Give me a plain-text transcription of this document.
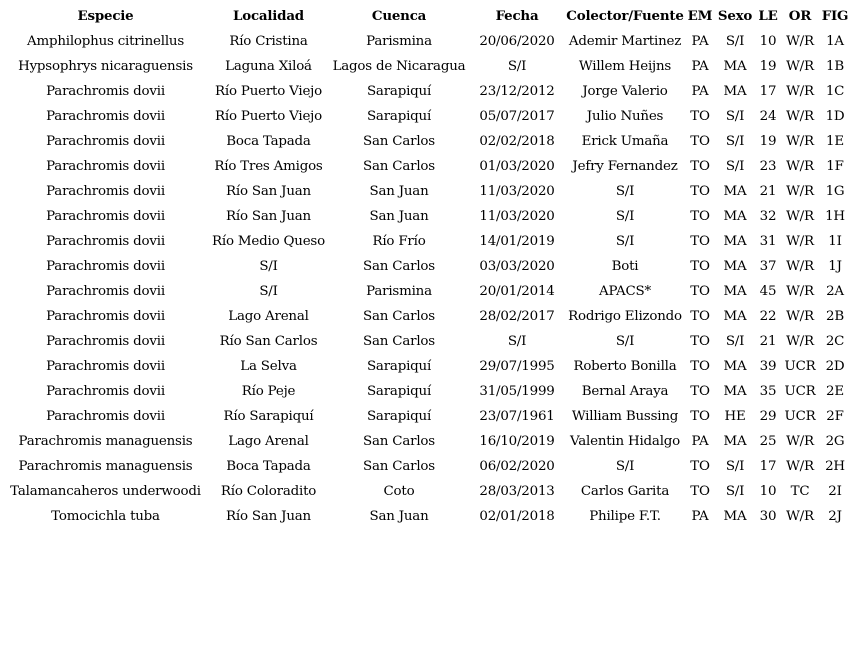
Especie	Localidad	Cuenca	Fecha	Colector/Fuente	EM	Sexo	LE	OR	FIG
Amphilophus citrinellus	Río Cristina	Parismina	20/06/2020	Ademir Martinez	PA	S/I	10	W/R	1A
Hypsophrys nicaraguensis	Laguna Xiloá	Lagos de Nicaragua	S/I	Willem Heijns	PA	MA	19	W/R	1B
Parachromis dovii	Río Puerto Viejo	Sarapiquí	23/12/2012	Jorge Valerio	PA	MA	17	W/R	1C
Parachromis dovii	Río Puerto Viejo	Sarapiquí	05/07/2017	Julio Nuñes	TO	S/I	24	W/R	1D
Parachromis dovii	Boca Tapada	San Carlos	02/02/2018	Erick Umaña	TO	S/I	19	W/R	1E
Parachromis dovii	Río Tres Amigos	San Carlos	01/03/2020	Jefry Fernandez	TO	S/I	23	W/R	1F
Parachromis dovii	Río San Juan	San Juan	11/03/2020	S/I	TO	MA	21	W/R	1G
Parachromis dovii	Río San Juan	San Juan	11/03/2020	S/I	TO	MA	32	W/R	1H
Parachromis dovii	Río Medio Queso	Río Frío	14/01/2019	S/I	TO	MA	31	W/R	1I
Parachromis dovii	S/I	San Carlos	03/03/2020	Boti	TO	MA	37	W/R	1J
Parachromis dovii	S/I	Parismina	20/01/2014	APACS*	TO	MA	45	W/R	2A
Parachromis dovii	Lago Arenal	San Carlos	28/02/2017	Rodrigo Elizondo	TO	MA	22	W/R	2B
Parachromis dovii	Río San Carlos	San Carlos	S/I	S/I	TO	S/I	21	W/R	2C
Parachromis dovii	La Selva	Sarapiquí	29/07/1995	Roberto Bonilla	TO	MA	39	UCR	2D
Parachromis dovii	Río Peje	Sarapiquí	31/05/1999	Bernal Araya	TO	MA	35	UCR	2E
Parachromis dovii	Río Sarapiquí	Sarapiquí	23/07/1961	William Bussing	TO	HE	29	UCR	2F
Parachromis managuensis	Lago Arenal	San Carlos	16/10/2019	Valentin Hidalgo	PA	MA	25	W/R	2G
Parachromis managuensis	Boca Tapada	San Carlos	06/02/2020	S/I	TO	S/I	17	W/R	2H
Talamancaheros underwoodi	Río Coloradito	Coto	28/03/2013	Carlos Garita	TO	S/I	10	TC	2I
Tomocichla tuba	Río San Juan	San Juan	02/01/2018	Philipe F.T.	PA	MA	30	W/R	2J
